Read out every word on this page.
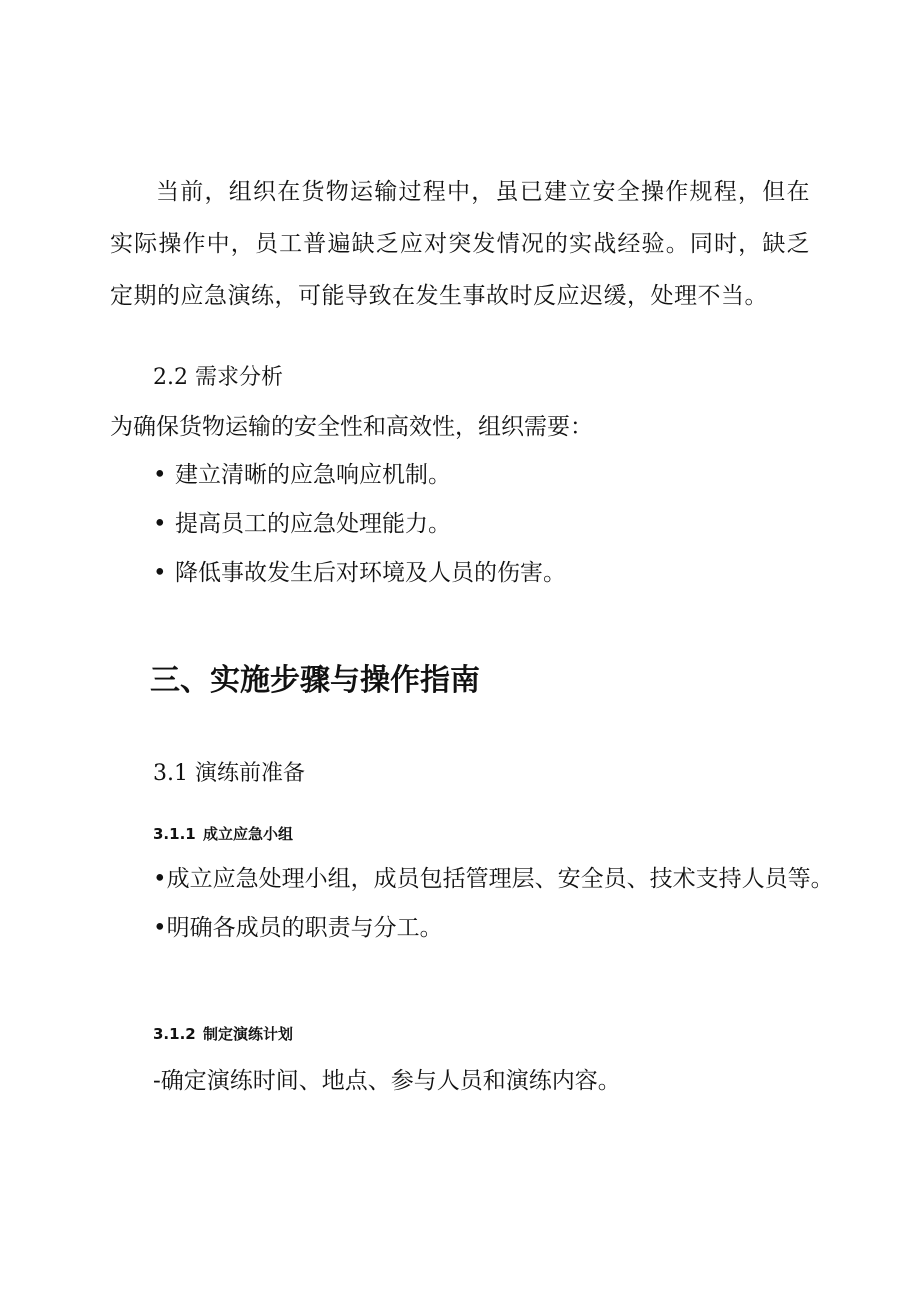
当前，组织在货物运输过程中，虽已建立安全操作规程，但在实际操作中，员工普遍缺乏应对突发情况的实战经验。同时，缺乏定期的应急演练，可能导致在发生事故时反应迟缓，处理不当。
2.2 需求分析
为确保货物运输的安全性和高效性，组织需要：
• 建立清晰的应急响应机制。
• 提高员工的应急处理能力。
• 降低事故发生后对环境及人员的伤害。
三、实施步骤与操作指南
3.1 演练前准备
3.1.1 成立应急小组
•成立应急处理小组，成员包括管理层、安全员、技术支持人员等。
•明确各成员的职责与分工。
3.1.2 制定演练计划
-确定演练时间、地点、参与人员和演练内容。
